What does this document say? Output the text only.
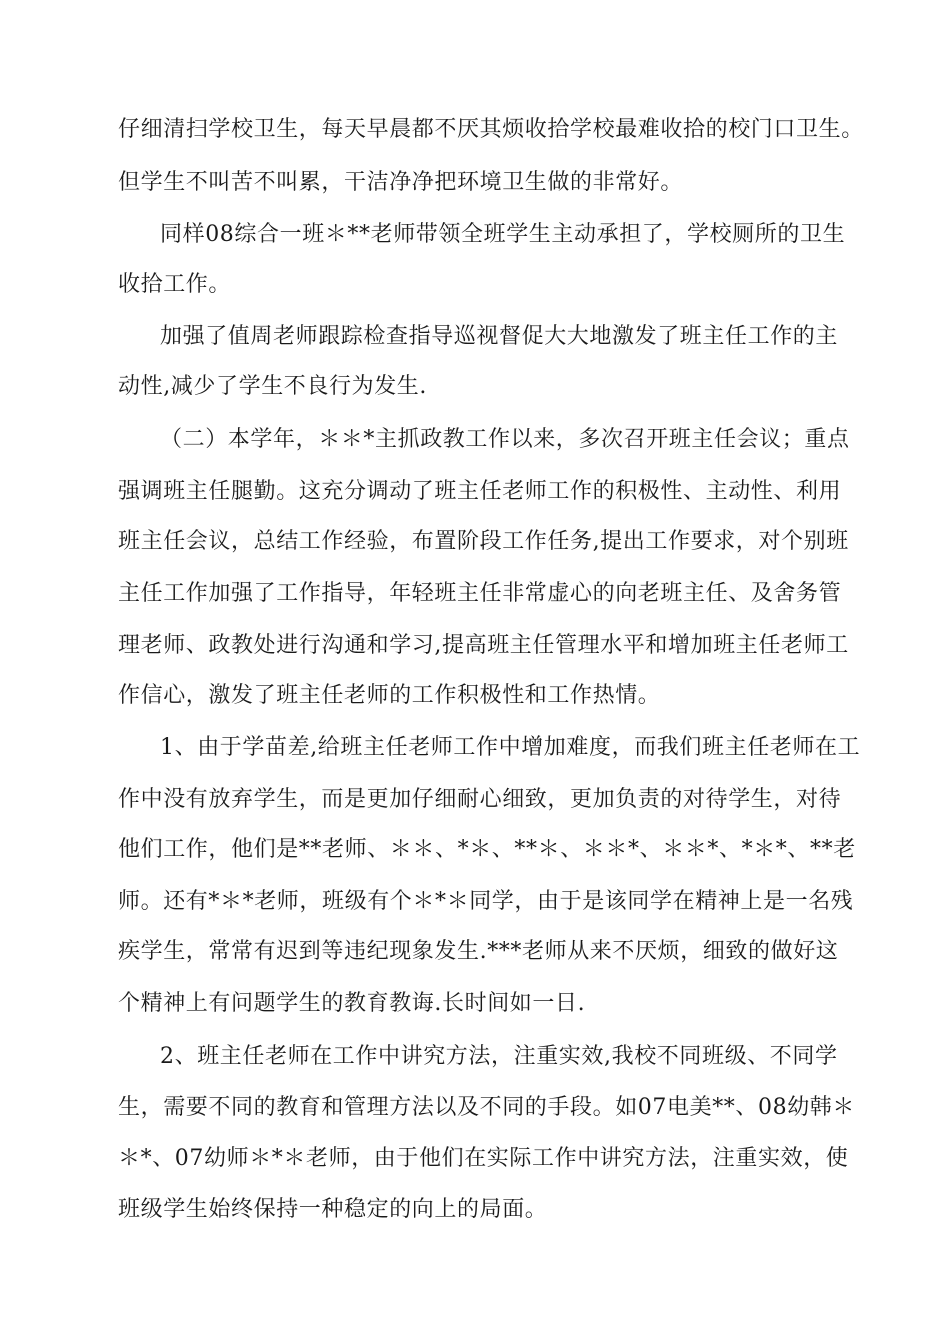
仔细清扫学校卫生，每天早晨都不厌其烦收拾学校最难收拾的校门口卫生。
但学生不叫苦不叫累，干洁净净把环境卫生做的非常好。
同样08综合一班＊**老师带领全班学生主动承担了，学校厕所的卫生
收拾工作。
加强了值周老师跟踪检查指导巡视督促大大地激发了班主任工作的主
动性,减少了学生不良行为发生.
（二）本学年，＊＊*主抓政教工作以来，多次召开班主任会议；重点
强调班主任腿勤。这充分调动了班主任老师工作的积极性、主动性、利用
班主任会议，总结工作经验，布置阶段工作任务,提出工作要求，对个别班
主任工作加强了工作指导，年轻班主任非常虚心的向老班主任、及舍务管
理老师、政教处进行沟通和学习,提高班主任管理水平和增加班主任老师工
作信心，激发了班主任老师的工作积极性和工作热情。
1、由于学苗差,给班主任老师工作中增加难度，而我们班主任老师在工
作中没有放弃学生，而是更加仔细耐心细致，更加负责的对待学生，对待
他们工作，他们是**老师、＊＊、*＊、**＊、＊＊*、＊＊*、*＊*、**老
师。还有*＊*老师，班级有个＊*＊同学，由于是该同学在精神上是一名残
疾学生，常常有迟到等违纪现象发生.***老师从来不厌烦，细致的做好这
个精神上有问题学生的教育教诲.长时间如一日.
2、班主任老师在工作中讲究方法，注重实效,我校不同班级、不同学
生，需要不同的教育和管理方法以及不同的手段。如07电美**、08幼韩＊
＊*、07幼师＊*＊老师，由于他们在实际工作中讲究方法，注重实效，使
班级学生始终保持一种稳定的向上的局面。
